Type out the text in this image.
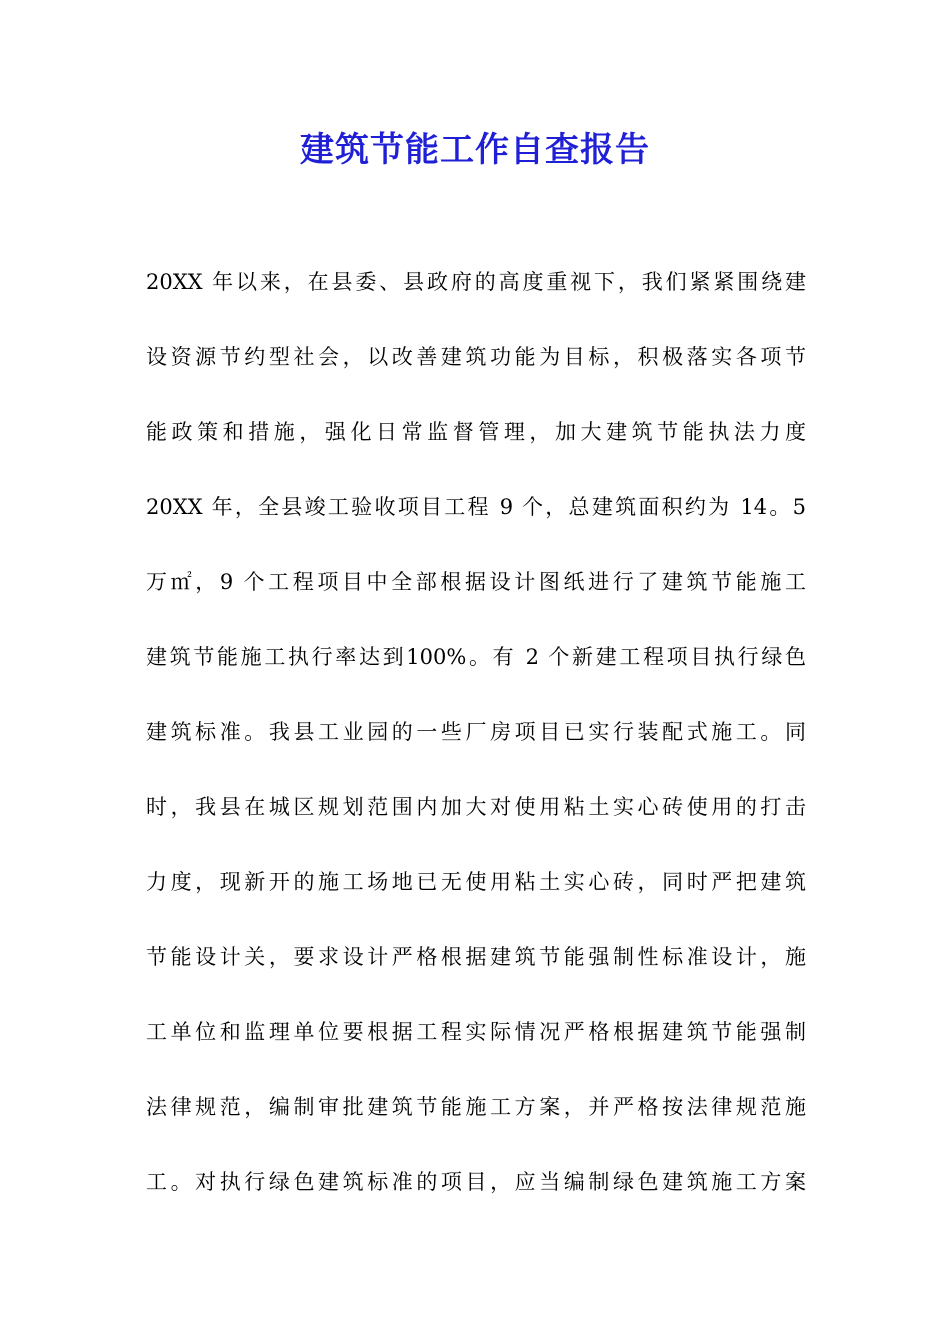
建筑节能工作自查报告
20XX 年以来，在县委、县政府的高度重视下，我们紧紧围绕建
设资源节约型社会，以改善建筑功能为目标，积极落实各项节
能政策和措施，强化日常监督管理，加大建筑节能执法力度
20XX 年，全县竣工验收项目工程 9 个，总建筑面积约为 14。5
万㎡，9 个工程项目中全部根据设计图纸进行了建筑节能施工
建筑节能施工执行率达到100%。有 2 个新建工程项目执行绿色
建筑标准。我县工业园的一些厂房项目已实行装配式施工。同
时，我县在城区规划范围内加大对使用粘土实心砖使用的打击
力度，现新开的施工场地已无使用粘土实心砖，同时严把建筑
节能设计关，要求设计严格根据建筑节能强制性标准设计，施
工单位和监理单位要根据工程实际情况严格根据建筑节能强制
法律规范，编制审批建筑节能施工方案，并严格按法律规范施
工。对执行绿色建筑标准的项目，应当编制绿色建筑施工方案
